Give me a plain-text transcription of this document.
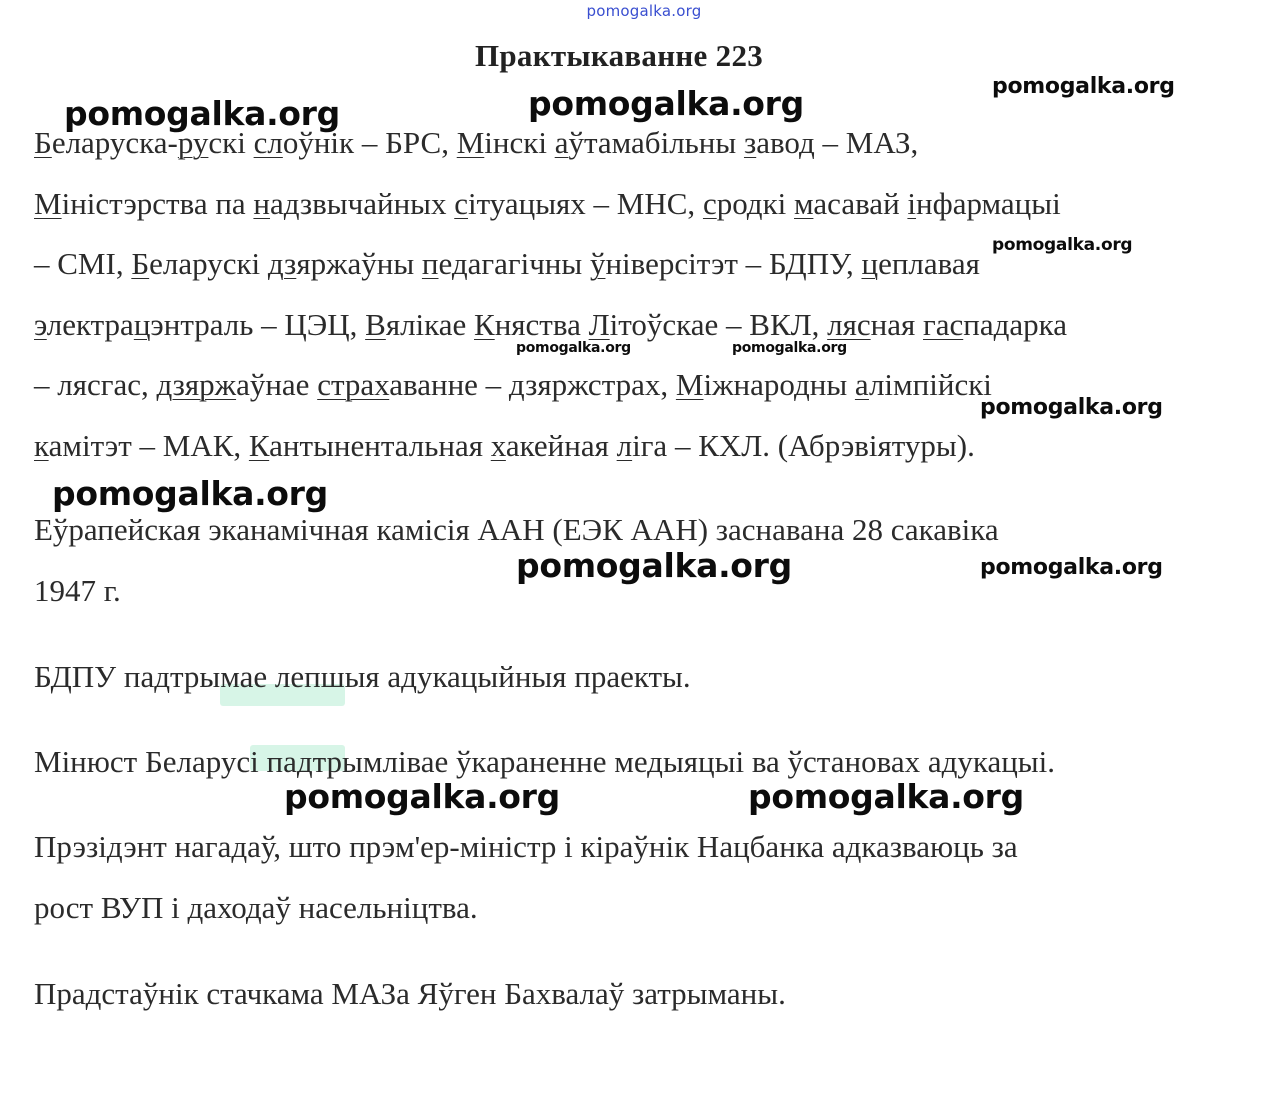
pomogalka.org
Практыкаванне 223
Беларуска-рускі слоўнік – БРС, Мінскі аўтамабільны завод – МАЗ,
Міністэрства па надзвычайных сітуацыях – МНС, сродкі масавай інфармацыі
– СМІ, Беларускі дзяржаўны педагагічны ўніверсітэт – БДПУ, цеплавая
электрацэнтраль – ЦЭЦ, Вялікае Княства Літоўскае – ВКЛ, лясная гаспадарка
– лясгас, дзяржаўнае страхаванне – дзяржстрах, Міжнародны алімпійскі
камітэт – МАК, Кантынентальная хакейная ліга – КХЛ. (Абрэвіятуры).
Еўрапейская эканамічная камісія ААН (ЕЭК ААН) заснавана 28 сакавіка
1947 г.
БДПУ падтрымае лепшыя адукацыйныя праекты.
Мінюст Беларусі падтрымлівае ўкараненне медыяцыі ва ўстановах адукацыі.
Прэзідэнт нагадаў, што прэм'ер-міністр і кіраўнік Нацбанка адказваюць за
рост ВУП і даходаў насельніцтва.
Прадстаўнік стачкама МАЗа Яўген Бахвалаў затрыманы.
pomogalka.org	pomogalka.org	pomogalka.org
pomogalka.org
pomogalka.org	pomogalka.org
pomogalka.org
pomogalka.org
pomogalka.org	pomogalka.org
pomogalka.org	pomogalka.org
